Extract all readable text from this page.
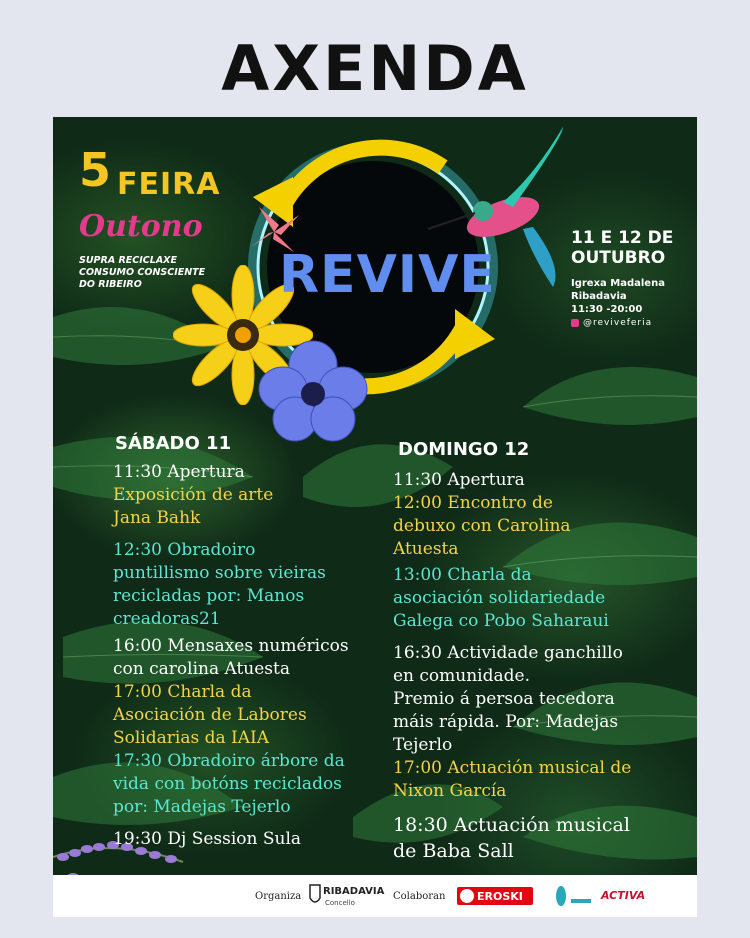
AXENDA
5 FEIRA
Outono
SUPRA RECICLAXE
CONSUMO CONSCIENTE
DO RIBEIRO	REVIVE
11 E 12 DE
OUTUBRO
Igrexa Madalena
Ribadavia
11:30 -20:00
@reviveferia
SÁBADO 11
11:30 Apertura
Exposición de arte
Jana Bahk
12:30 Obradoiro
puntillismo sobre vieiras
recicladas por: Manos
creadoras21
16:00 Mensaxes numéricos
con carolina Atuesta
17:00 Charla da
Asociación de Labores
Solidarias da IAIA
17:30 Obradoiro árbore da
vida con botóns reciclados
por: Madejas Tejerlo
19:30 Dj Session Sula
DOMINGO 12
11:30 Apertura
12:00 Encontro de
debuxo con Carolina
Atuesta
13:00 Charla da
asociación solidariedade
Galega co Pobo Saharaui
16:30 Actividade ganchillo
en comunidade.
Premio á persoa tecedora
máis rápida. Por: Madejas
Tejerlo
17:00 Actuación musical de
Nixon García
18:30 Actuación musical
de Baba Sall
Organiza RIBADAVIA
Concello
Colaboran	EROSKI	ACTIVA
